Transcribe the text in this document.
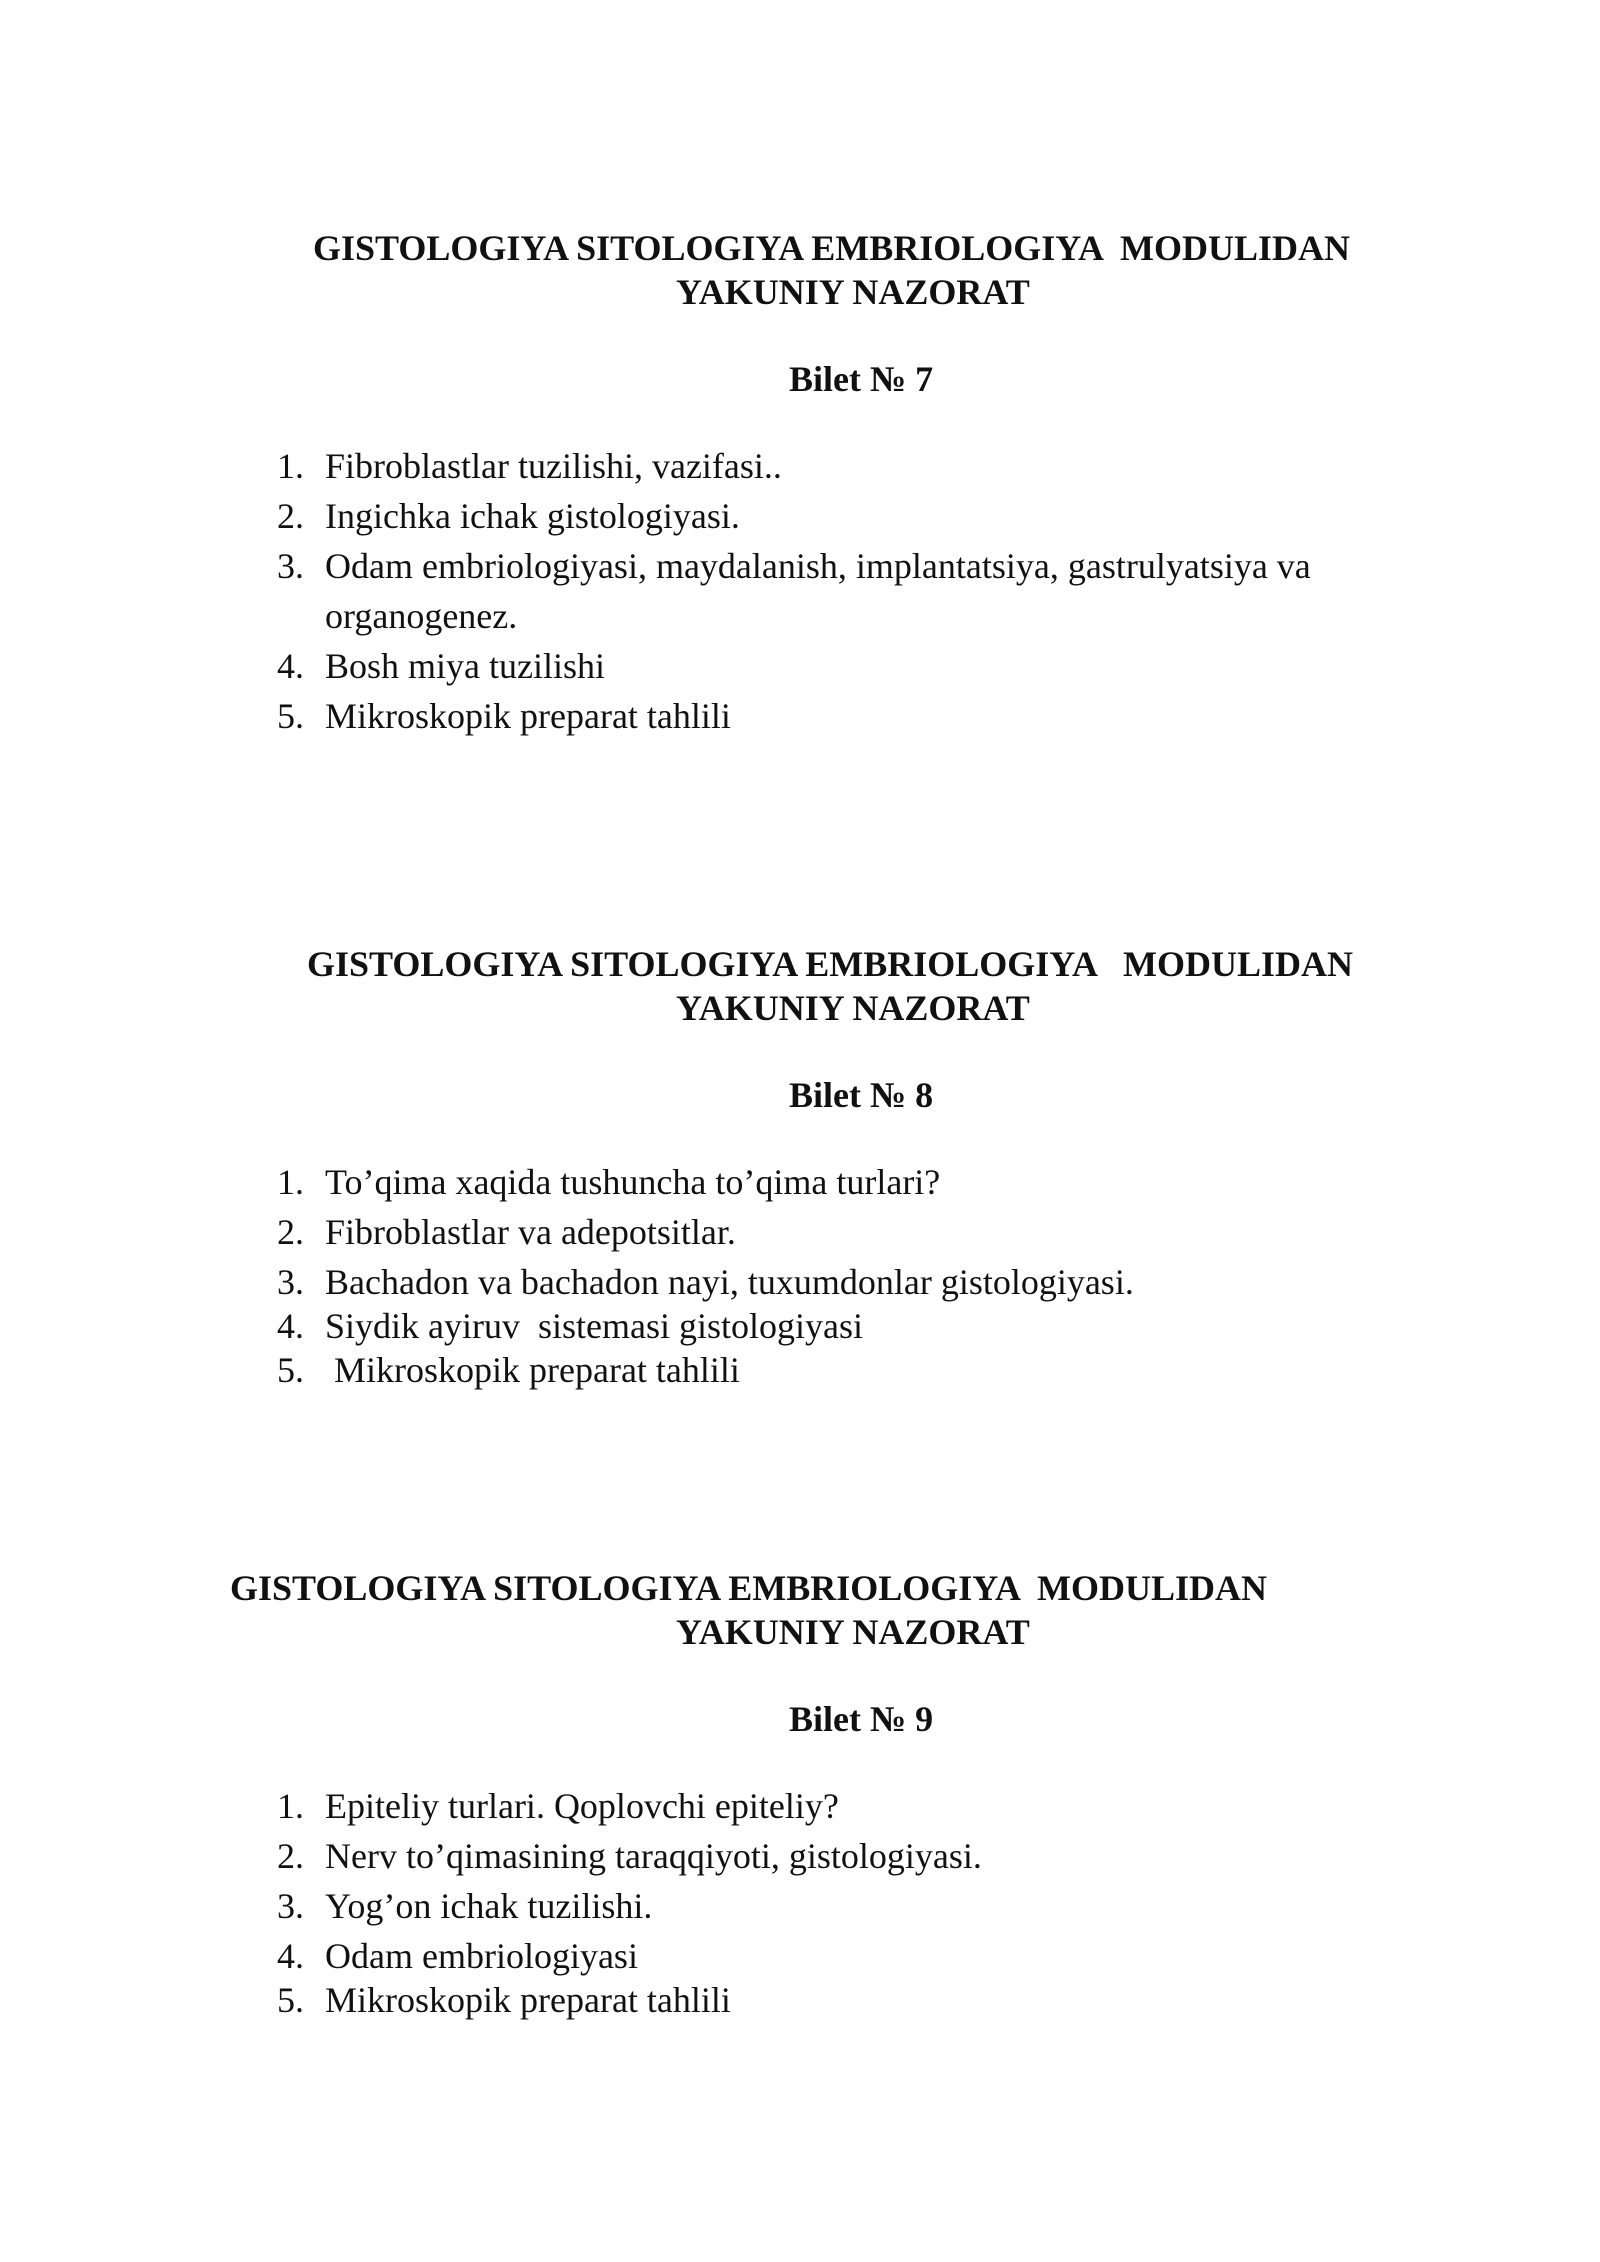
GISTOLOGIYA SITOLOGIYA EMBRIOLOGIYA  MODULIDAN
YAKUNIY NAZORAT
Bilet № 7

1.

Fibroblastlar tuzilishi, vazifasi..

2.

Ingichka ichak gistologiyasi.

3.

Odam embriologiyasi, maydalanish, implantatsiya, gastrulyatsiya va

organogenez.

4.

Bosh miya tuzilishi

5.

Mikroskopik preparat tahlili

GISTOLOGIYA SITOLOGIYA EMBRIOLOGIYA   MODULIDAN
YAKUNIY NAZORAT
Bilet № 8

1.

To’qima xaqida tushuncha to’qima turlari?

2.

Fibroblastlar va adepotsitlar.

3.

Bachadon va bachadon nayi, tuxumdonlar gistologiyasi.

4.

Siydik ayiruv  sistemasi gistologiyasi

5.

Mikroskopik preparat tahlili

GISTOLOGIYA SITOLOGIYA EMBRIOLOGIYA  MODULIDAN
YAKUNIY NAZORAT
Bilet № 9

1.

Epiteliy turlari. Qoplovchi epiteliy?

2.

Nerv to’qimasining taraqqiyoti, gistologiyasi.

3.

Yog’on ichak tuzilishi.

4.

Odam embriologiyasi

5.

Mikroskopik preparat tahlili
